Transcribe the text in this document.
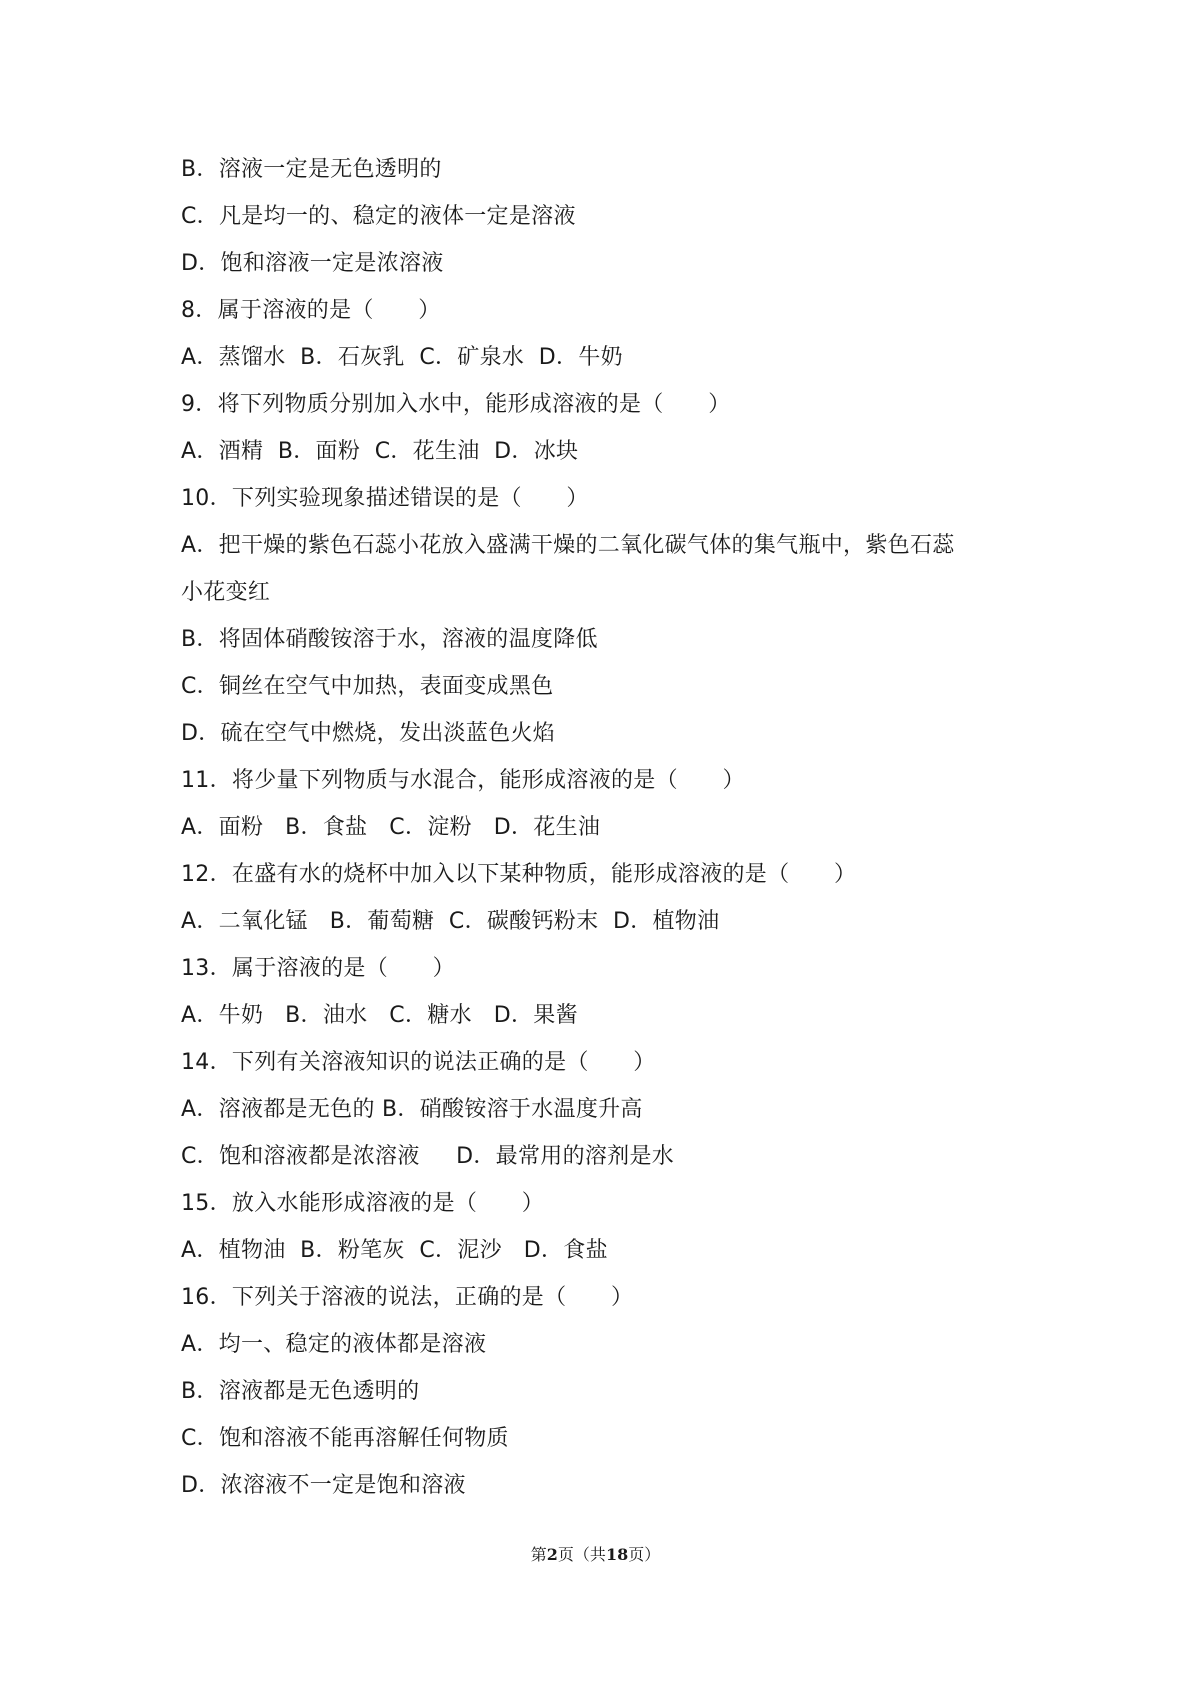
B．溶液一定是无色透明的
C．凡是均一的、稳定的液体一定是溶液
D．饱和溶液一定是浓溶液
8．属于溶液的是（　　）
A．蒸馏水  B．石灰乳  C．矿泉水  D．牛奶
9．将下列物质分别加入水中，能形成溶液的是（　　）
A．酒精  B．面粉  C．花生油  D．冰块
10．下列实验现象描述错误的是（　　）
A．把干燥的紫色石蕊小花放入盛满干燥的二氧化碳气体的集气瓶中，紫色石蕊
小花变红
B．将固体硝酸铵溶于水，溶液的温度降低
C．铜丝在空气中加热，表面变成黑色
D．硫在空气中燃烧，发出淡蓝色火焰
11．将少量下列物质与水混合，能形成溶液的是（　　）
A．面粉   B．食盐   C．淀粉   D．花生油
12．在盛有水的烧杯中加入以下某种物质，能形成溶液的是（　　）
A．二氧化锰   B．葡萄糖  C．碳酸钙粉末  D．植物油
13．属于溶液的是（　　）
A．牛奶   B．油水   C．糖水   D．果酱
14．下列有关溶液知识的说法正确的是（　　）
A．溶液都是无色的 B．硝酸铵溶于水温度升高
C．饱和溶液都是浓溶液     D．最常用的溶剂是水
15．放入水能形成溶液的是（　　）
A．植物油  B．粉笔灰  C．泥沙   D．食盐
16．下列关于溶液的说法，正确的是（　　）
A．均一、稳定的液体都是溶液
B．溶液都是无色透明的
C．饱和溶液不能再溶解任何物质
D．浓溶液不一定是饱和溶液
第2页（共18页）
